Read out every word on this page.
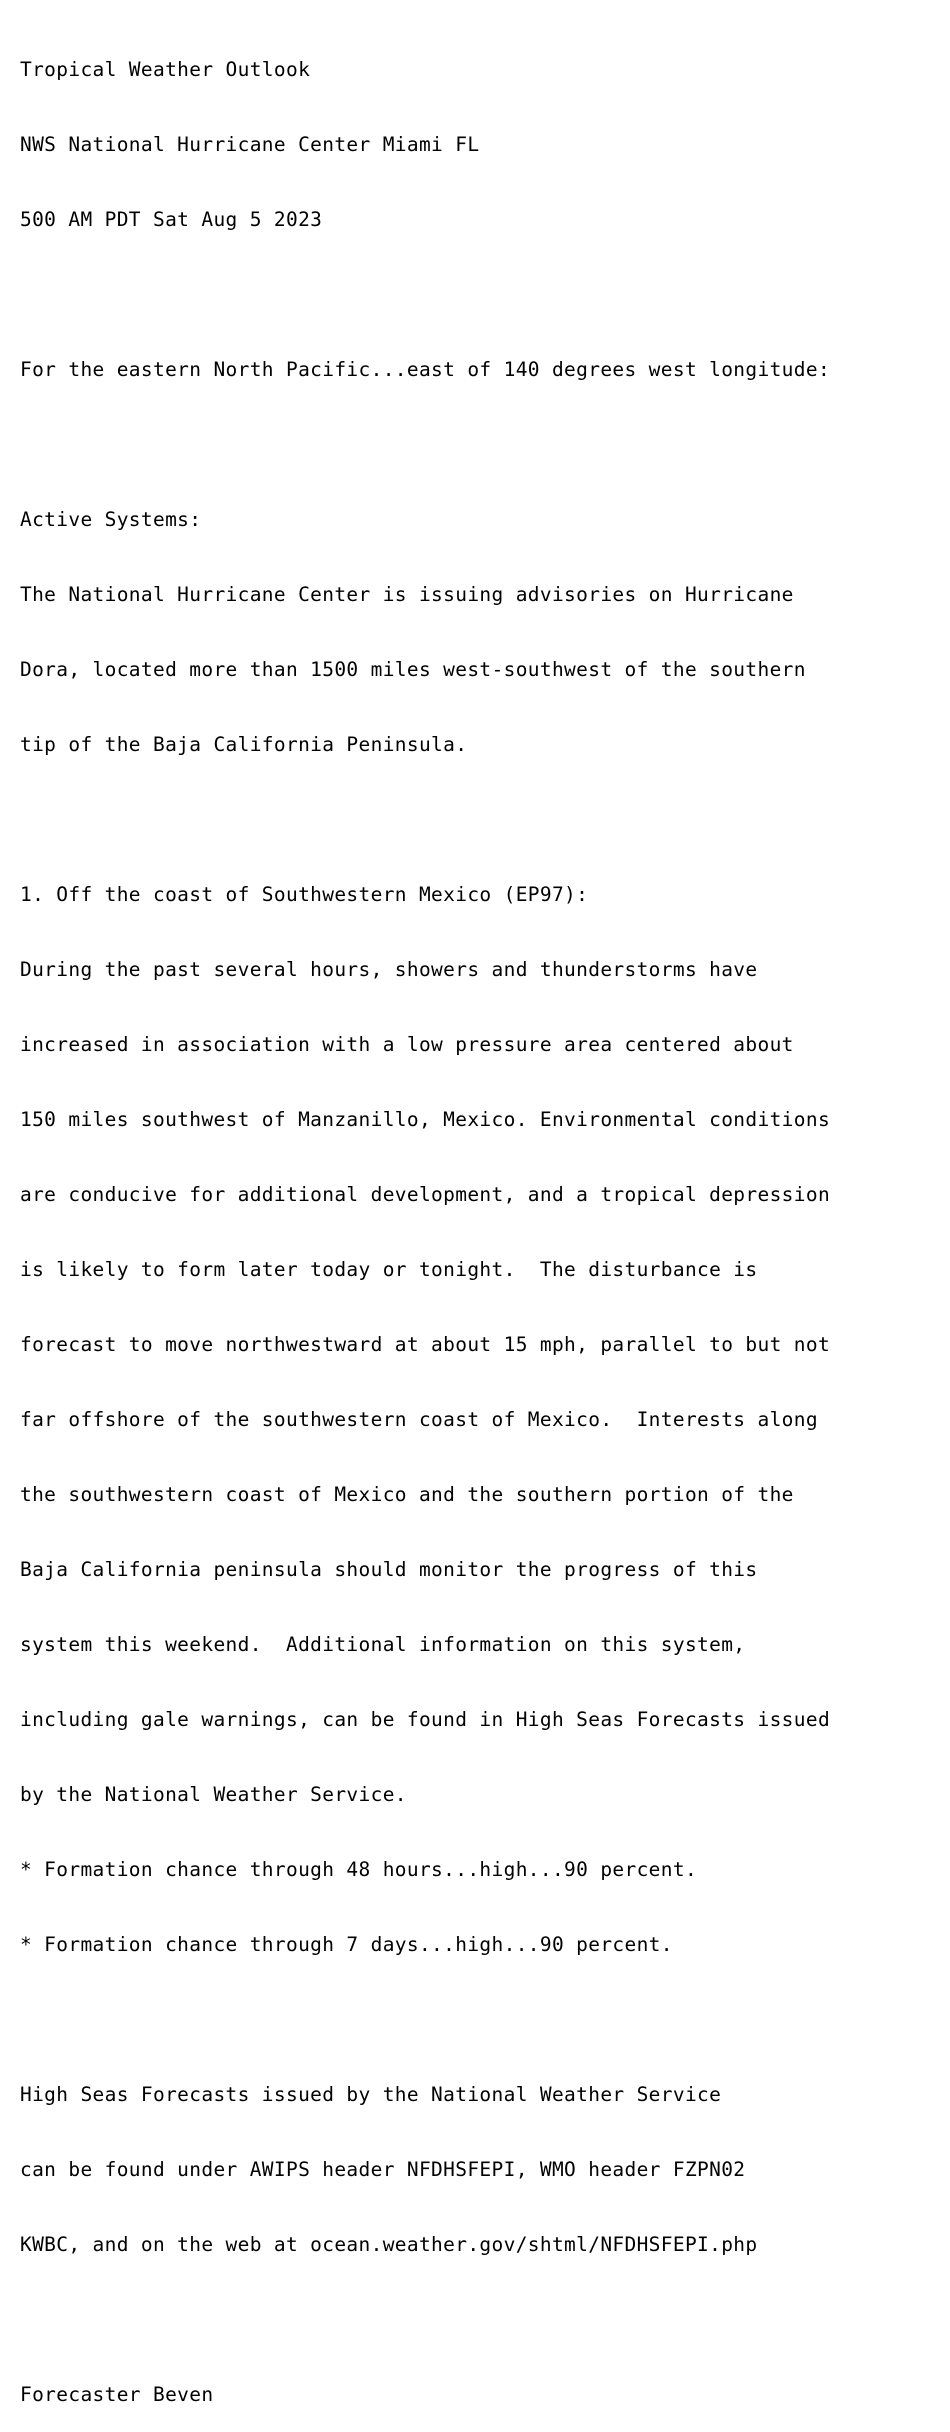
Tropical Weather Outlook

NWS National Hurricane Center Miami FL

500 AM PDT Sat Aug 5 2023

For the eastern North Pacific...east of 140 degrees west longitude:

Active Systems:

The National Hurricane Center is issuing advisories on Hurricane

Dora, located more than 1500 miles west-southwest of the southern

tip of the Baja California Peninsula.

1. Off the coast of Southwestern Mexico (EP97):

During the past several hours, showers and thunderstorms have

increased in association with a low pressure area centered about

150 miles southwest of Manzanillo, Mexico. Environmental conditions

are conducive for additional development, and a tropical depression

is likely to form later today or tonight.  The disturbance is

forecast to move northwestward at about 15 mph, parallel to but not

far offshore of the southwestern coast of Mexico.  Interests along

the southwestern coast of Mexico and the southern portion of the

Baja California peninsula should monitor the progress of this

system this weekend.  Additional information on this system,

including gale warnings, can be found in High Seas Forecasts issued

by the National Weather Service.

* Formation chance through 48 hours...high...90 percent.

* Formation chance through 7 days...high...90 percent.

High Seas Forecasts issued by the National Weather Service

can be found under AWIPS header NFDHSFEPI, WMO header FZPN02

KWBC, and on the web at ocean.weather.gov/shtml/NFDHSFEPI.php

Forecaster Beven
